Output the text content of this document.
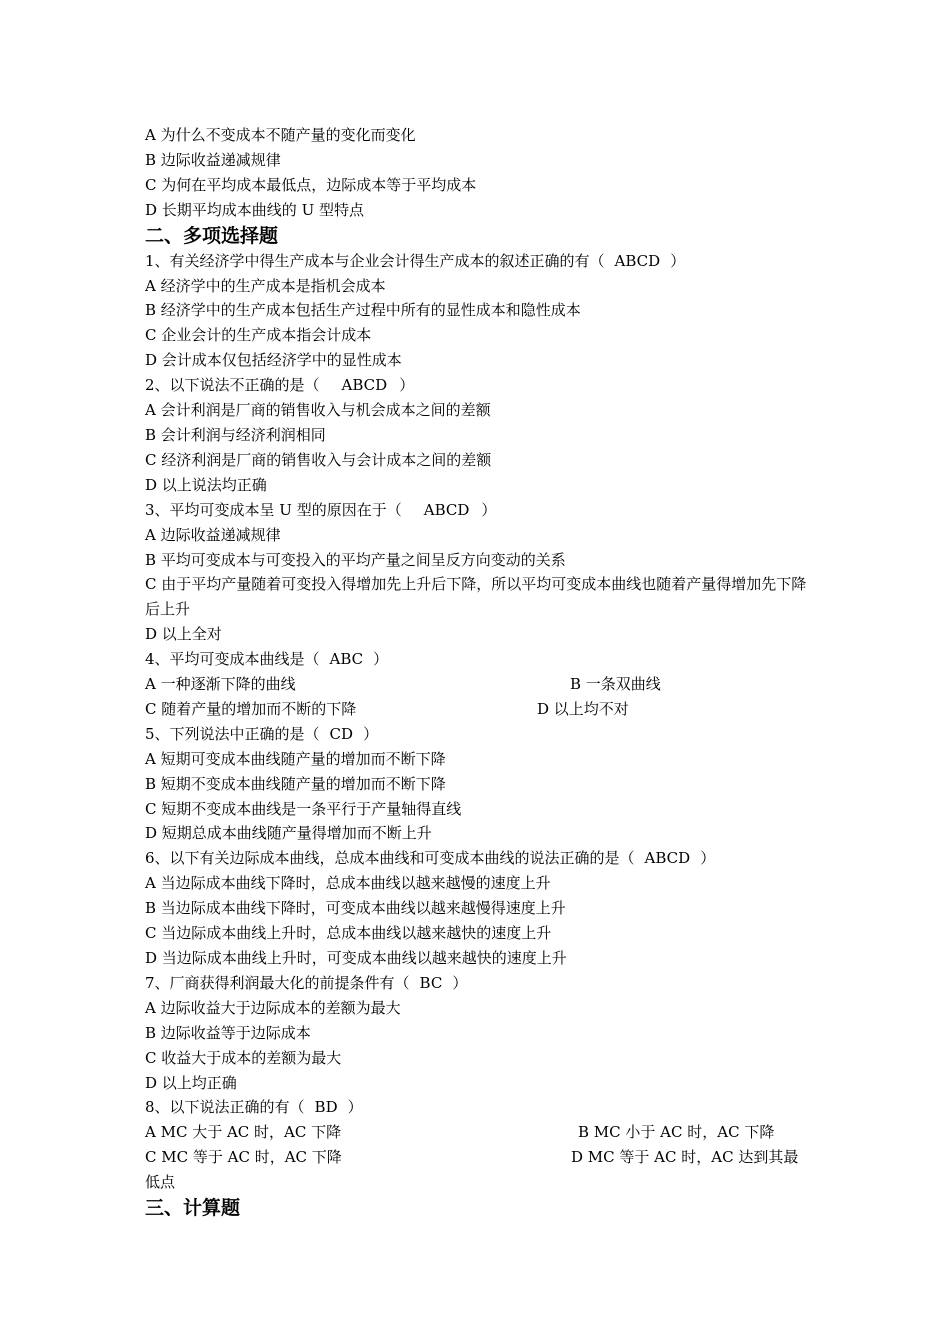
A 为什么不变成本不随产量的变化而变化
B 边际收益递减规律
C 为何在平均成本最低点，边际成本等于平均成本
D 长期平均成本曲线的 U 型特点
二、多项选择题
1、有关经济学中得生产成本与企业会计得生产成本的叙述正确的有（ ABCD ）
A 经济学中的生产成本是指机会成本
B 经济学中的生产成本包括生产过程中所有的显性成本和隐性成本
C 企业会计的生产成本指会计成本
D 会计成本仅包括经济学中的显性成本
2、以下说法不正确的是（ ABCD ）
A 会计利润是厂商的销售收入与机会成本之间的差额
B 会计利润与经济利润相同
C 经济利润是厂商的销售收入与会计成本之间的差额
D 以上说法均正确
3、平均可变成本呈 U 型的原因在于（ ABCD ）
A 边际收益递减规律
B 平均可变成本与可变投入的平均产量之间呈反方向变动的关系
C 由于平均产量随着可变投入得增加先上升后下降，所以平均可变成本曲线也随着产量得增加先下降后上升
D 以上全对
4、平均可变成本曲线是（ ABC ）
A 一种逐渐下降的曲线	B 一条双曲线
C 随着产量的增加而不断的下降	D 以上均不对
5、下列说法中正确的是（ CD ）
A 短期可变成本曲线随产量的增加而不断下降
B 短期不变成本曲线随产量的增加而不断下降
C 短期不变成本曲线是一条平行于产量轴得直线
D 短期总成本曲线随产量得增加而不断上升
6、以下有关边际成本曲线，总成本曲线和可变成本曲线的说法正确的是（ ABCD ）
A 当边际成本曲线下降时，总成本曲线以越来越慢的速度上升
B 当边际成本曲线下降时，可变成本曲线以越来越慢得速度上升
C 当边际成本曲线上升时，总成本曲线以越来越快的速度上升
D 当边际成本曲线上升时，可变成本曲线以越来越快的速度上升
7、厂商获得利润最大化的前提条件有（ BC ）
A 边际收益大于边际成本的差额为最大
B 边际收益等于边际成本
C 收益大于成本的差额为最大
D 以上均正确
8、以下说法正确的有（ BD ）
A MC 大于 AC 时，AC 下降	B MC 小于 AC 时，AC 下降
C MC 等于 AC 时，AC 下降	D MC 等于 AC 时，AC 达到其最
低点
三、计算题
